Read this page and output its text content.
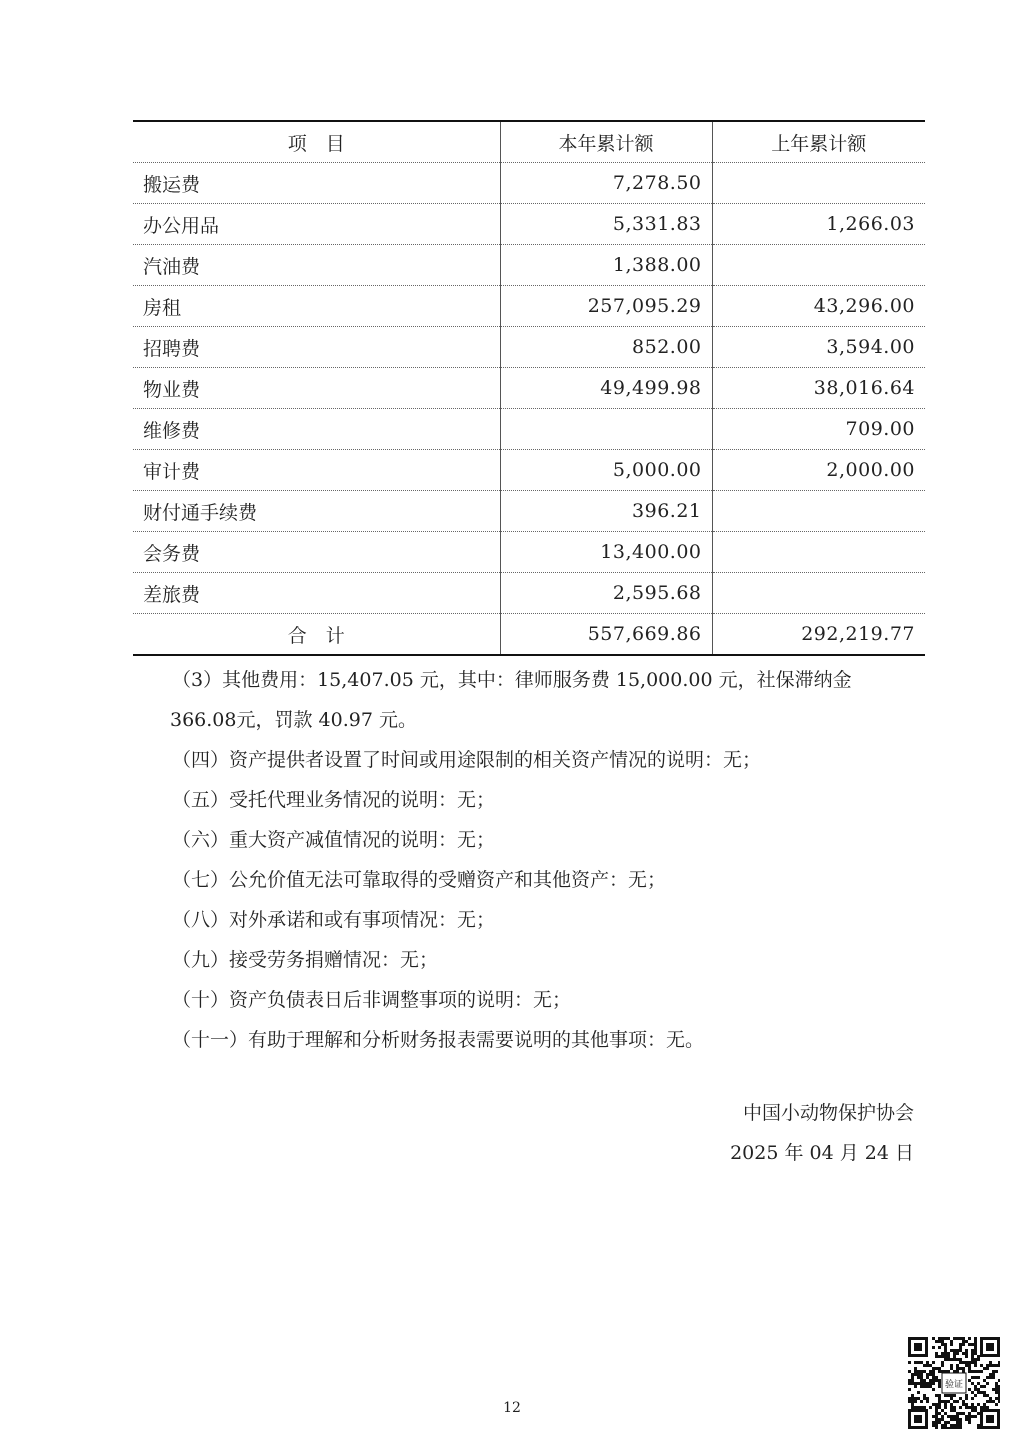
项　目	本年累计额	上年累计额
搬运费	7,278.50	
办公用品	5,331.83	1,266.03
汽油费	1,388.00	
房租	257,095.29	43,296.00
招聘费	852.00	3,594.00
物业费	49,499.98	38,016.64
维修费		709.00
审计费	5,000.00	2,000.00
财付通手续费	396.21	
会务费	13,400.00	
差旅费	2,595.68	
合　计	557,669.86	292,219.77

（3）其他费用：15,407.05 元，其中：律师服务费 15,000.00 元，社保滞纳金

366.08元，罚款 40.97 元。

（四）资产提供者设置了时间或用途限制的相关资产情况的说明：无；

（五）受托代理业务情况的说明：无；

（六）重大资产减值情况的说明：无；

（七）公允价值无法可靠取得的受赠资产和其他资产：无；

（八）对外承诺和或有事项情况：无；

（九）接受劳务捐赠情况：无；

（十）资产负债表日后非调整事项的说明：无；

（十一）有助于理解和分析财务报表需要说明的其他事项：无。

中国小动物保护协会
2025 年 04 月 24 日
12
验证
